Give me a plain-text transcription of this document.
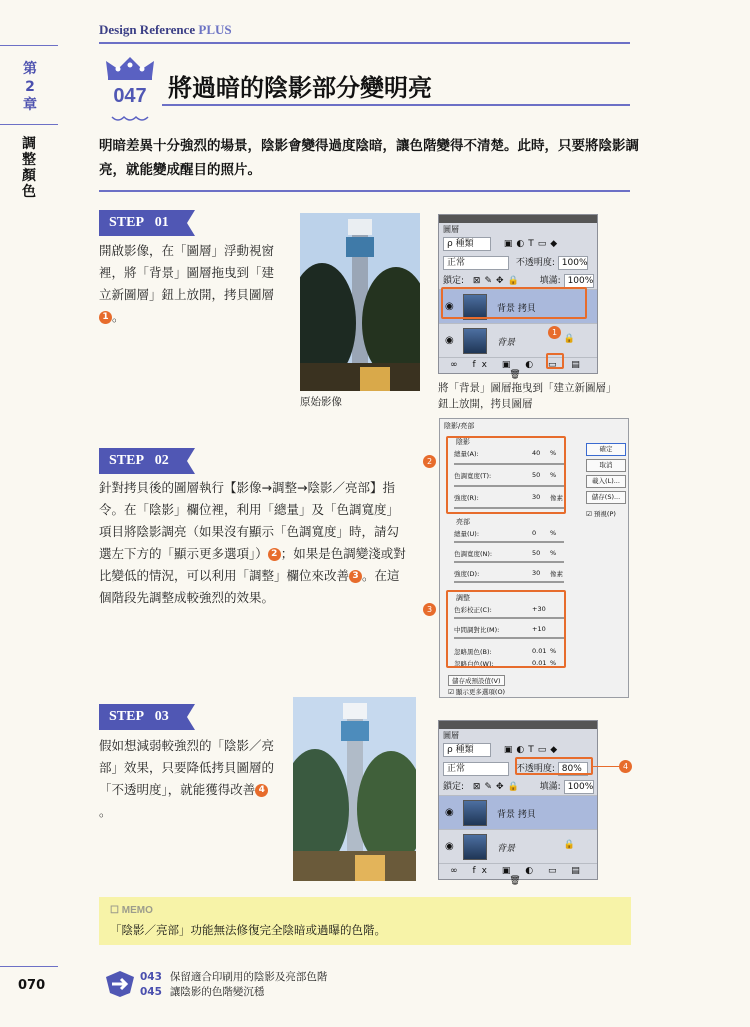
Design Reference PLUS
第
2
章
調整顏色
047 將過暗的陰影部分變明亮
明暗差異十分強烈的場景，陰影會變得過度陰暗，讓色階變得不清楚。此時，只要將陰影調亮，就能變成醒目的照片。
STEP 01
開啟影像，在「圖層」浮動視窗裡，將「背景」圖層拖曳到「建立新圖層」鈕上放開，拷貝圖層1 。
原始影像
圖層
ρ 種類	▣◐T▭◆
正常	不透明度: 100%
鎖定: ⊠✎✥🔒 填滿: 100%
◉	背景 拷貝
◉	背景	🔒
∞ fx ▣ ◐ ▭ ▤ 🗑
1
將「背景」圖層拖曳到「建立新圖層」鈕上放開，拷貝圖層
STEP 02
針對拷貝後的圖層執行【影像→調整→陰影／亮部】指令。在「陰影」欄位裡，利用「總量」及「色調寬度」項目將陰影調亮（如果沒有顯示「色調寬度」時，請勾選左下方的「顯示更多選項」） 2 ；如果是色調變淺或對比變低的情況，可以利用「調整」欄位來改善 3 。在這個階段先調整成較強烈的效果。
陰影/亮部
陰影
總量(A):	40 %
色調寬度(T):	50 %
強度(R):	30 像素
亮部
總量(U):	0 %
色調寬度(N):	50 %
強度(D):	30 像素
調整
色彩校正(C):	+30
中間調對比(M):	+10
忽略黑色(B):	0.01 %
忽略白色(W):	0.01 %
確定
取消
載入(L)...
儲存(S)...
☑ 預視(P)
儲存成預設值(V)
☑ 顯示更多選項(O)
2
3
STEP 03
假如想減弱較強烈的「陰影／亮部」效果，只要降低拷貝圖層的「不透明度」，就能獲得改善 4。
圖層
ρ 種類	▣◐T▭◆
正常	不透明度: 80%
鎖定: ⊠✎✥🔒 填滿: 100%
◉	背景 拷貝
◉	背景	🔒
∞ fx ▣ ◐ ▭ ▤ 🗑
4
☐ MEMO
「陰影／亮部」功能無法修復完全陰暗或過曝的色階。
070
043 保留適合印刷用的陰影及亮部色階
045 讓陰影的色階變沉穩
